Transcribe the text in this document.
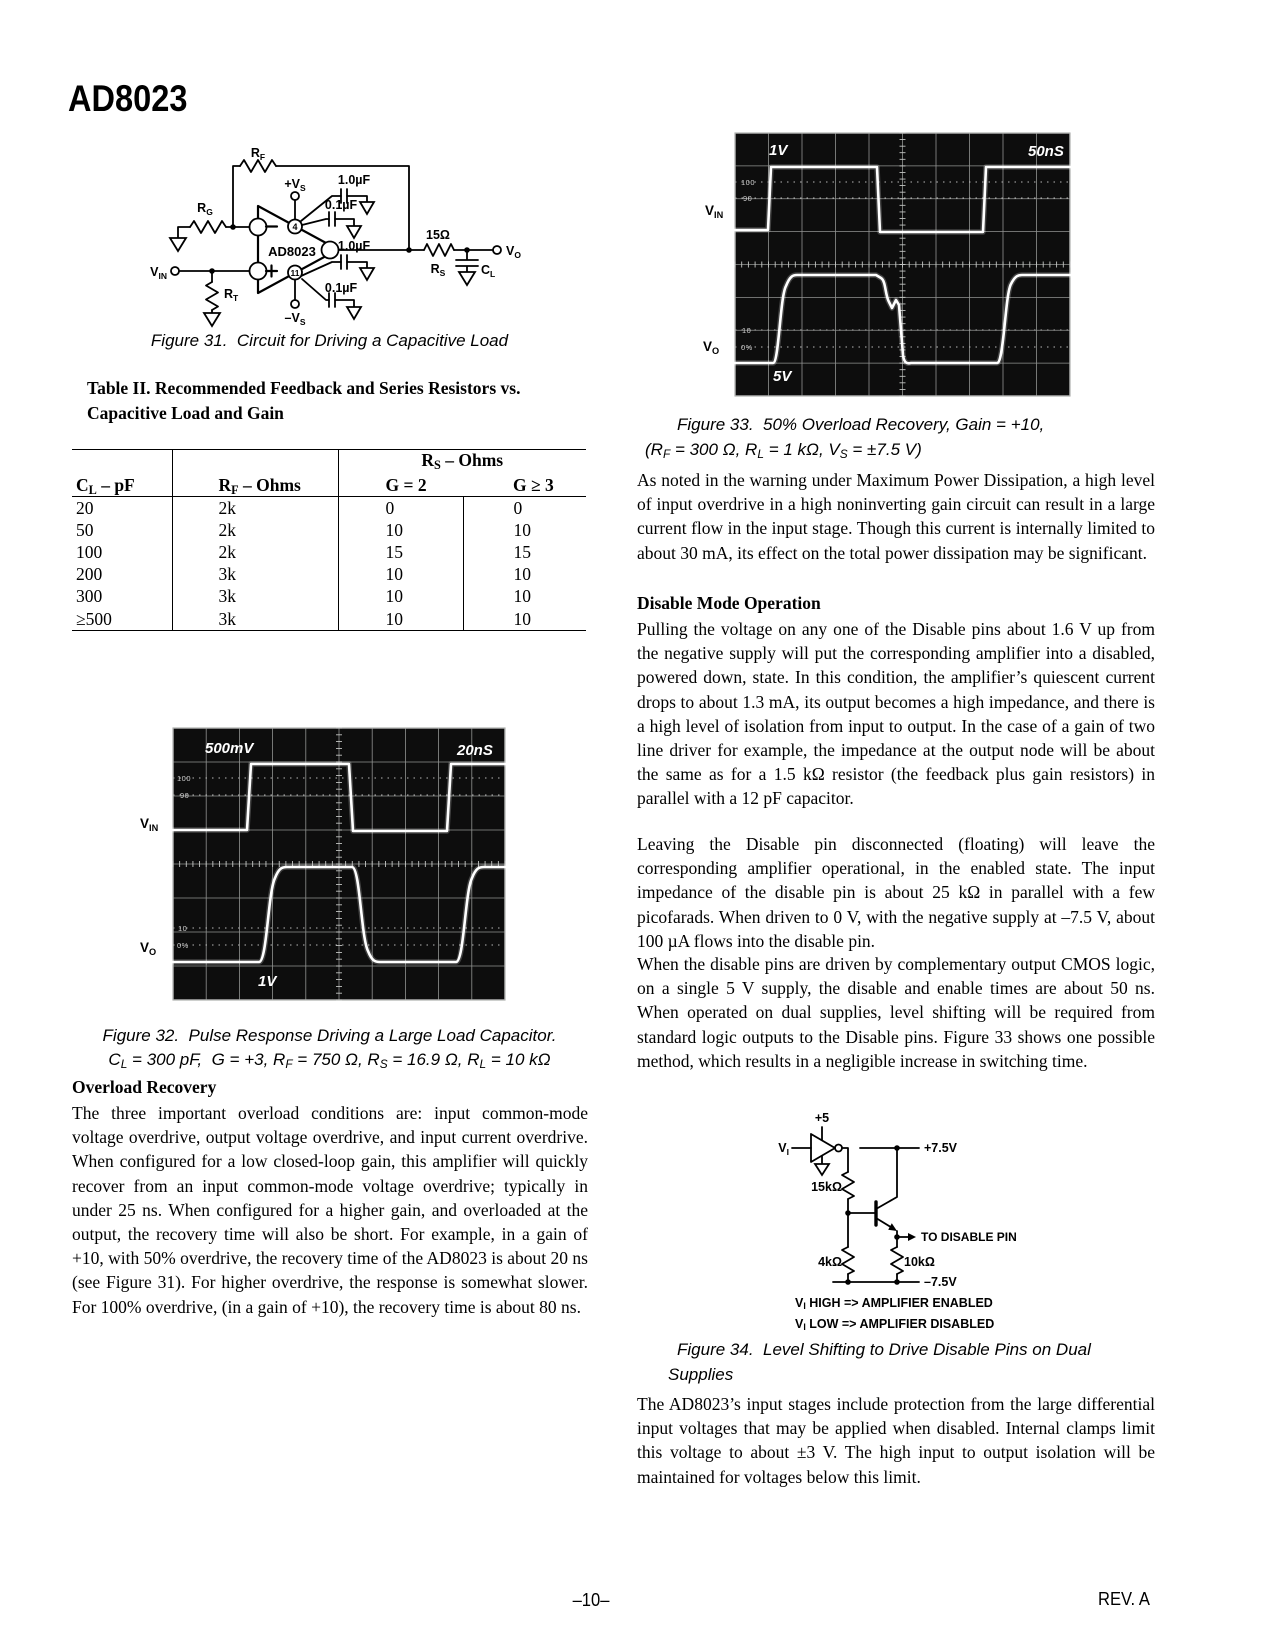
AD8023
$R_F$
$R_G$
$V_{IN}$
$R_T$
$+V_S$
$-V_S$
1.0µF
0.1µF
1.0µF
0.1µF
15Ω
$R_S$	$C_L$
$V_O$
AD8023
4
11
Figure 31.  Circuit for Driving a Capacitive Load
Table II. Recommended Feedback and Series Resistors vs. Capacitive Load and Gain
		$R_S$ – Ohms	
$C_L$ – pF	$R_F$ – Ohms	G = 2	G ≥ 3
20	2k	0	0
50	2k	10	10
100	2k	15	15
200	3k	10	10
300	3k	10	10
≥500	3k	10	10
100
90
10
0%
500mV	20nS
1V
$V_{IN}$
$V_O$
Figure 32.  Pulse Response Driving a Large Load Capacitor.
$C_L = 300$ pF,  G = +3, $R_F = 750$ Ω, $R_S = 16.9$ Ω, $R_L = 10$ kΩ
Overload Recovery
The three important overload conditions are: input common-mode voltage overdrive, output voltage overdrive, and input current overdrive. When configured for a low closed-loop gain, this amplifier will quickly recover from an input common-mode voltage overdrive; typically in under 25 ns. When configured for a higher gain, and overloaded at the output, the recovery time will also be short. For example, in a gain of +10, with 50% overdrive, the recovery time of the AD8023 is about 20 ns (see Figure 31). For higher overdrive, the response is somewhat slower. For 100% overdrive, (in a gain of +10), the recovery time is about 80 ns.
100
90
10
0%
1V	50nS
5V
$V_{IN}$
$V_O$
Figure 33.  50% Overload Recovery, Gain = +10,
($R_F = 300$ Ω, $R_L = 1$ kΩ, $V_S = \pm 7.5$ V)
As noted in the warning under Maximum Power Dissipation, a high level of input overdrive in a high noninverting gain circuit can result in a large current flow in the input stage. Though this current is internally limited to about 30 mA, its effect on the total power dissipation may be significant.
Disable Mode Operation
Pulling the voltage on any one of the Disable pins about 1.6 V up from the negative supply will put the corresponding amplifier into a disabled, powered down, state. In this condition, the amplifier’s quiescent current drops to about 1.3 mA, its output becomes a high impedance, and there is a high level of isolation from input to output. In the case of a gain of two line driver for example, the impedance at the output node will be about the same as for a 1.5 kΩ resistor (the feedback plus gain resistors) in parallel with a 12 pF capacitor.
Leaving the Disable pin disconnected (floating) will leave the corresponding amplifier operational, in the enabled state. The input impedance of the disable pin is about 25 kΩ in parallel with a few picofarads. When driven to 0 V, with the negative supply at –7.5 V, about 100 µA flows into the disable pin.
When the disable pins are driven by complementary output CMOS logic, on a single 5 V supply, the disable and enable times are about 50 ns. When operated on dual supplies, level shifting will be required from standard logic outputs to the Disable pins. Figure 33 shows one possible method, which results in a negligible increase in switching time.
+5
$V_I$	+7.5V
15kΩ
4kΩ	10kΩ
TO DISABLE PIN
–7.5V
$V_I$ HIGH => AMPLIFIER ENABLED
$V_I$ LOW => AMPLIFIER DISABLED
Figure 34.  Level Shifting to Drive Disable Pins on Dual
Supplies
The AD8023’s input stages include protection from the large differential input voltages that may be applied when disabled. Internal clamps limit this voltage to about ±3 V. The high input to output isolation will be maintained for voltages below this limit.
–10–	REV. A
